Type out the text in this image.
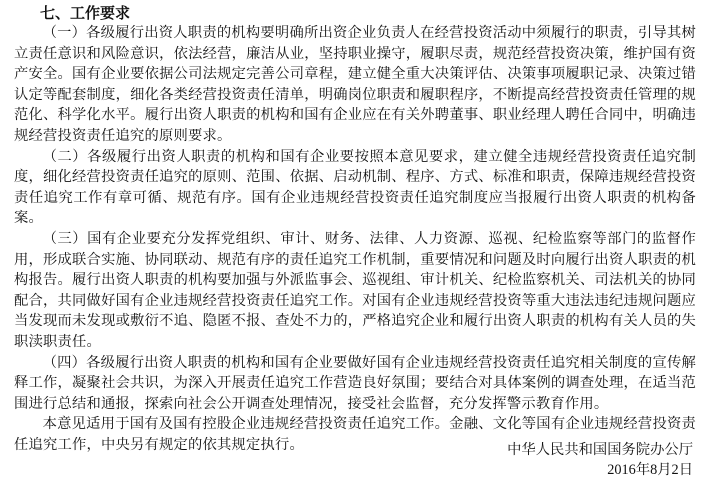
七、工作要求

（一）各级履行出资人职责的机构要明确所出资企业负责人在经营投资活动中须履行的职责，引导其树立责任意识和风险意识，依法经营，廉洁从业，坚持职业操守，履职尽责，规范经营投资决策，维护国有资产安全。国有企业要依据公司法规定完善公司章程，建立健全重大决策评估、决策事项履职记录、决策过错认定等配套制度，细化各类经营投资责任清单，明确岗位职责和履职程序，不断提高经营投资责任管理的规范化、科学化水平。履行出资人职责的机构和国有企业应在有关外聘董事、职业经理人聘任合同中，明确违规经营投资责任追究的原则要求。

（二）各级履行出资人职责的机构和国有企业要按照本意见要求，建立健全违规经营投资责任追究制度，细化经营投资责任追究的原则、范围、依据、启动机制、程序、方式、标准和职责，保障违规经营投资责任追究工作有章可循、规范有序。国有企业违规经营投资责任追究制度应当报履行出资人职责的机构备案。

（三）国有企业要充分发挥党组织、审计、财务、法律、人力资源、巡视、纪检监察等部门的监督作用，形成联合实施、协同联动、规范有序的责任追究工作机制，重要情况和问题及时向履行出资人职责的机构报告。履行出资人职责的机构要加强与外派监事会、巡视组、审计机关、纪检监察机关、司法机关的协同配合，共同做好国有企业违规经营投资责任追究工作。对国有企业违规经营投资等重大违法违纪违规问题应当发现而未发现或敷衍不追、隐匿不报、查处不力的，严格追究企业和履行出资人职责的机构有关人员的失职渎职责任。

（四）各级履行出资人职责的机构和国有企业要做好国有企业违规经营投资责任追究相关制度的宣传解释工作，凝聚社会共识，为深入开展责任追究工作营造良好氛围；要结合对具体案例的调查处理，在适当范围进行总结和通报，探索向社会公开调查处理情况，接受社会监督，充分发挥警示教育作用。

本意见适用于国有及国有控股企业违规经营投资责任追究工作。金融、文化等国有企业违规经营投资责任追究工作，中央另有规定的依其规定执行。	中华人民共和国国务院办公厅
2016年8月2日
